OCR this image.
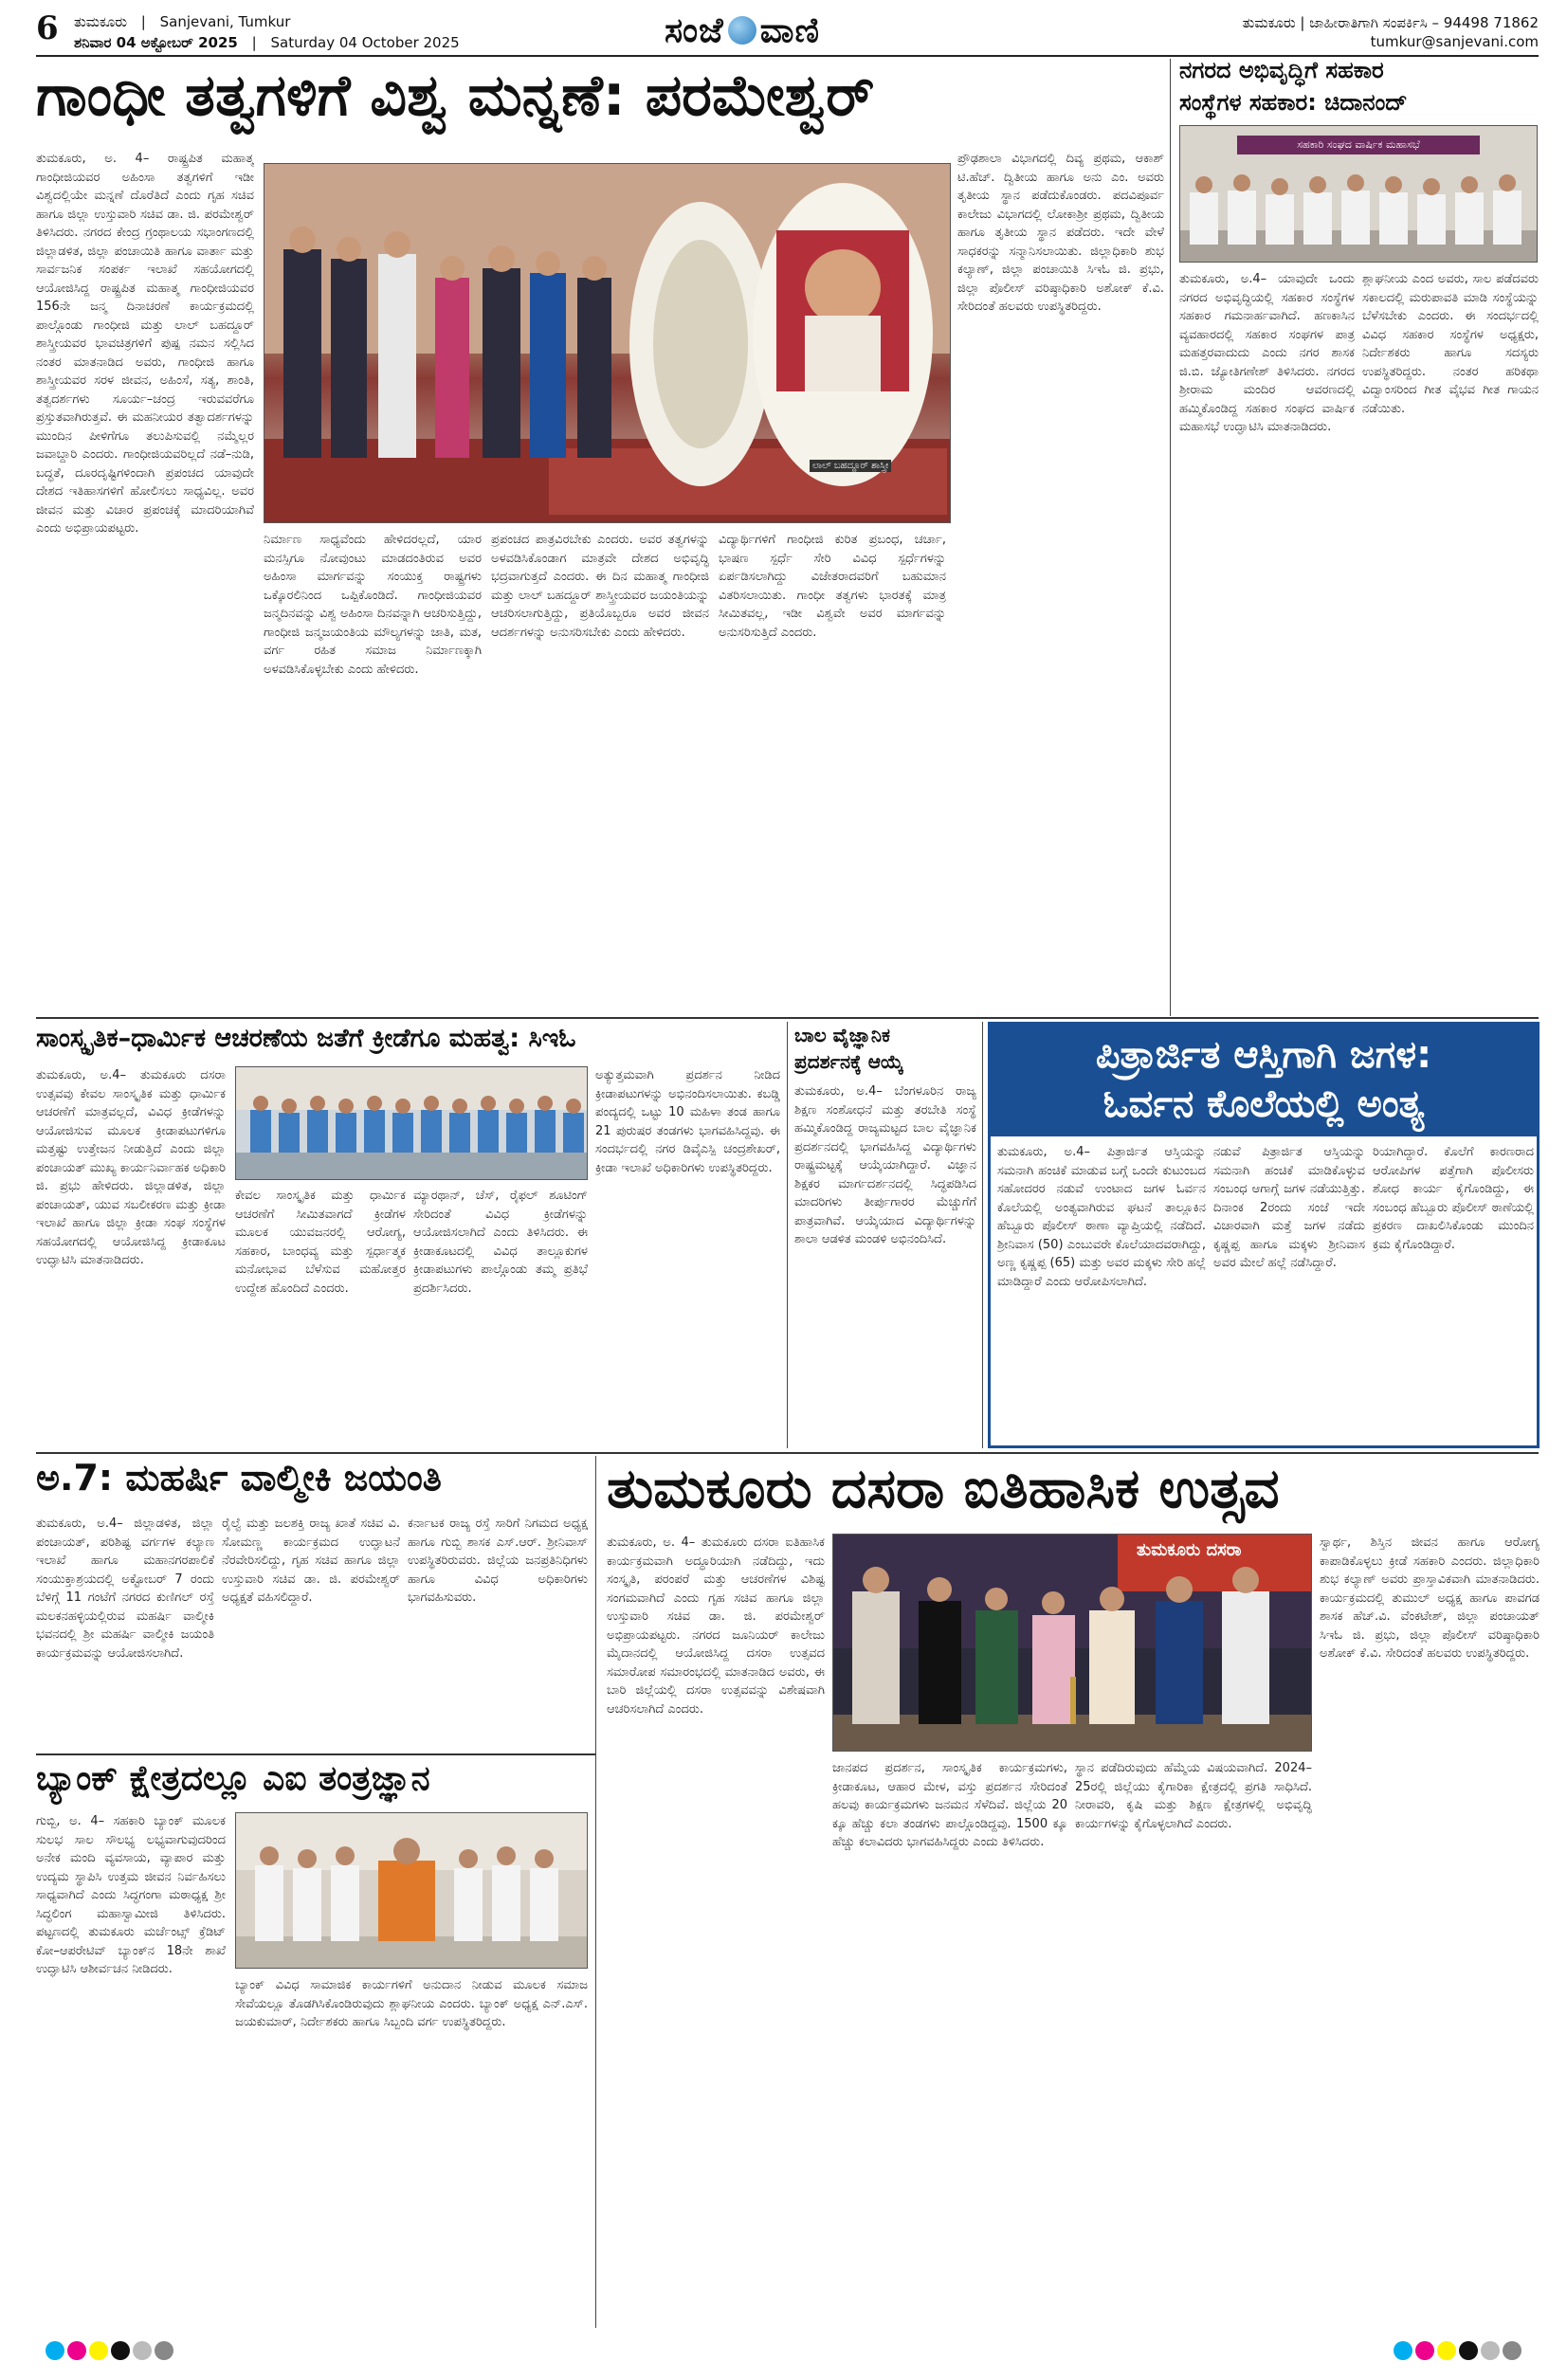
6 ತುಮಕೂರು | Sanjevani, Tumkur
ಶನಿವಾರ 04 ಅಕ್ಟೋಬರ್ 2025 | Saturday 04 October 2025	ಸಂಜೆ ವಾಣಿ	ತುಮಕೂರು | ಜಾಹೀರಾತಿಗಾಗಿ ಸಂಪರ್ಕಿಸಿ – 94498 71862
tumkur@sanjevani.com
ಗಾಂಧೀ ತತ್ವಗಳಿಗೆ ವಿಶ್ವ ಮನ್ನಣೆ: ಪರಮೇಶ್ವರ್
ತುಮಕೂರು, ಅ. 4– ರಾಷ್ಟ್ರಪಿತ ಮಹಾತ್ಮ ಗಾಂಧೀಜಿಯವರ ಅಹಿಂಸಾ ತತ್ವಗಳಿಗೆ ಇಡೀ ವಿಶ್ವದಲ್ಲಿಯೇ ಮನ್ನಣೆ ದೊರೆತಿದೆ ಎಂದು ಗೃಹ ಸಚಿವ ಹಾಗೂ ಜಿಲ್ಲಾ ಉಸ್ತುವಾರಿ ಸಚಿವ ಡಾ. ಜಿ. ಪರಮೇಶ್ವರ್ ತಿಳಿಸಿದರು. ನಗರದ ಕೇಂದ್ರ ಗ್ರಂಥಾಲಯ ಸಭಾಂಗಣದಲ್ಲಿ ಜಿಲ್ಲಾಡಳಿತ, ಜಿಲ್ಲಾ ಪಂಚಾಯಿತಿ ಹಾಗೂ ವಾರ್ತಾ ಮತ್ತು ಸಾರ್ವಜನಿಕ ಸಂಪರ್ಕ ಇಲಾಖೆ ಸಹಯೋಗದಲ್ಲಿ ಆಯೋಜಿಸಿದ್ದ ರಾಷ್ಟ್ರಪಿತ ಮಹಾತ್ಮ ಗಾಂಧೀಜಿಯವರ 156ನೇ ಜನ್ಮ ದಿನಾಚರಣೆ ಕಾರ್ಯಕ್ರಮದಲ್ಲಿ ಪಾಲ್ಗೊಂಡು ಗಾಂಧೀಜಿ ಮತ್ತು ಲಾಲ್ ಬಹದ್ದೂರ್ ಶಾಸ್ತ್ರೀಯವರ ಭಾವಚಿತ್ರಗಳಿಗೆ ಪುಷ್ಪ ನಮನ ಸಲ್ಲಿಸಿದ ನಂತರ ಮಾತನಾಡಿದ ಅವರು, ಗಾಂಧೀಜಿ ಹಾಗೂ ಶಾಸ್ತ್ರೀಯವರ ಸರಳ ಜೀವನ, ಅಹಿಂಸೆ, ಸತ್ಯ, ಶಾಂತಿ, ತತ್ವದರ್ಶಗಳು ಸೂರ್ಯ–ಚಂದ್ರ ಇರುವವರೆಗೂ ಪ್ರಸ್ತುತವಾಗಿರುತ್ತವೆ. ಈ ಮಹನೀಯರ ತತ್ವಾದರ್ಶಗಳನ್ನು ಮುಂದಿನ ಪೀಳಿಗೆಗೂ ತಲುಪಿಸುವಲ್ಲಿ ನಮ್ಮೆಲ್ಲರ ಜವಾಬ್ದಾರಿ ಎಂದರು. ಗಾಂಧೀಜಿಯವರಿಲ್ಲದೆ ನಡೆ–ನುಡಿ, ಬದ್ಧತೆ, ದೂರದೃಷ್ಟಿಗಳಿಂದಾಗಿ ಪ್ರಪಂಚದ ಯಾವುದೇ ದೇಶದ ಇತಿಹಾಸಗಳಿಗೆ ಹೋಲಿಸಲು ಸಾಧ್ಯವಿಲ್ಲ. ಅವರ ಜೀವನ ಮತ್ತು ವಿಚಾರ ಪ್ರಪಂಚಕ್ಕೆ ಮಾದರಿಯಾಗಿವೆ ಎಂದು ಅಭಿಪ್ರಾಯಪಟ್ಟರು.
ಲಾಲ್ ಬಹದ್ದೂರ್ ಶಾಸ್ತ್ರೀ
ನಿರ್ಮಾಣ ಸಾಧ್ಯವೆಂದು ಹೇಳಿದರಲ್ಲದೆ, ಯಾರ ಮನಸ್ಸಿಗೂ ನೋವುಂಟು ಮಾಡದಂತಿರುವ ಅವರ ಅಹಿಂಸಾ ಮಾರ್ಗವನ್ನು ಸಂಯುಕ್ತ ರಾಷ್ಟ್ರಗಳು ಒಕ್ಕೊರಲಿನಿಂದ ಒಪ್ಪಿಕೊಂಡಿದೆ. ಗಾಂಧೀಜಿಯವರ ಜನ್ಮದಿನವನ್ನು ವಿಶ್ವ ಅಹಿಂಸಾ ದಿನವನ್ನಾಗಿ ಆಚರಿಸುತ್ತಿದ್ದು, ಗಾಂಧೀಜಿ ಜನ್ಮಜಯಂತಿಯ ಮೌಲ್ಯಗಳನ್ನು ಜಾತಿ, ಮತ, ವರ್ಗ ರಹಿತ ಸಮಾಜ ನಿರ್ಮಾಣಕ್ಕಾಗಿ ಅಳವಡಿಸಿಕೊಳ್ಳಬೇಕು ಎಂದು ಹೇಳಿದರು.
ಪ್ರಪಂಚದ ಪಾತ್ರವಿರಬೇಕು ಎಂದರು. ಅವರ ತತ್ವಗಳನ್ನು ಅಳವಡಿಸಿಕೊಂಡಾಗ ಮಾತ್ರವೇ ದೇಶದ ಅಭಿವೃದ್ಧಿ ಭದ್ರವಾಗುತ್ತದೆ ಎಂದರು. ಈ ದಿನ ಮಹಾತ್ಮ ಗಾಂಧೀಜಿ ಮತ್ತು ಲಾಲ್ ಬಹದ್ದೂರ್ ಶಾಸ್ತ್ರೀಯವರ ಜಯಂತಿಯನ್ನು ಆಚರಿಸಲಾಗುತ್ತಿದ್ದು, ಪ್ರತಿಯೊಬ್ಬರೂ ಅವರ ಜೀವನ ಆದರ್ಶಗಳನ್ನು ಅನುಸರಿಸಬೇಕು ಎಂದು ಹೇಳಿದರು.
ವಿದ್ಯಾರ್ಥಿಗಳಿಗೆ ಗಾಂಧೀಜಿ ಕುರಿತ ಪ್ರಬಂಧ, ಚರ್ಚಾ, ಭಾಷಣ ಸ್ಪರ್ಧೆ ಸೇರಿ ವಿವಿಧ ಸ್ಪರ್ಧೆಗಳನ್ನು ಏರ್ಪಡಿಸಲಾಗಿದ್ದು ವಿಜೇತರಾದವರಿಗೆ ಬಹುಮಾನ ವಿತರಿಸಲಾಯಿತು. ಗಾಂಧೀ ತತ್ವಗಳು ಭಾರತಕ್ಕೆ ಮಾತ್ರ ಸೀಮಿತವಲ್ಲ, ಇಡೀ ವಿಶ್ವವೇ ಅವರ ಮಾರ್ಗವನ್ನು ಅನುಸರಿಸುತ್ತಿದೆ ಎಂದರು.
ಪ್ರೌಢಶಾಲಾ ವಿಭಾಗದಲ್ಲಿ ದಿವ್ಯ ಪ್ರಥಮ, ಆಕಾಶ್ ಟಿ.ಹೆಚ್. ದ್ವಿತೀಯ ಹಾಗೂ ಅನು ಎಂ. ಅವರು ತೃತೀಯ ಸ್ಥಾನ ಪಡೆದುಕೊಂಡರು. ಪದವಿಪೂರ್ವ ಕಾಲೇಜು ವಿಭಾಗದಲ್ಲಿ ಲೋಕಾಶ್ರೀ ಪ್ರಥಮ, ದ್ವಿತೀಯ ಹಾಗೂ ತೃತೀಯ ಸ್ಥಾನ ಪಡೆದರು. ಇದೇ ವೇಳೆ ಸಾಧಕರನ್ನು ಸನ್ಮಾನಿಸಲಾಯಿತು. ಜಿಲ್ಲಾಧಿಕಾರಿ ಶುಭ ಕಲ್ಯಾಣ್, ಜಿಲ್ಲಾ ಪಂಚಾಯಿತಿ ಸಿಇಓ ಜಿ. ಪ್ರಭು, ಜಿಲ್ಲಾ ಪೊಲೀಸ್ ವರಿಷ್ಠಾಧಿಕಾರಿ ಅಶೋಕ್ ಕೆ.ವಿ. ಸೇರಿದಂತೆ ಹಲವರು ಉಪಸ್ಥಿತರಿದ್ದರು.
ನಗರದ ಅಭಿವೃದ್ಧಿಗೆ ಸಹಕಾರ
ಸಂಸ್ಥೆಗಳ ಸಹಕಾರ: ಚಿದಾನಂದ್
ಸಹಕಾರಿ ಸಂಘದ ವಾರ್ಷಿಕ ಮಹಾಸಭೆ
ತುಮಕೂರು, ಅ.4– ಯಾವುದೇ ಒಂದು ನಗರದ ಅಭಿವೃದ್ಧಿಯಲ್ಲಿ ಸಹಕಾರ ಸಂಸ್ಥೆಗಳ ಸಹಕಾರ ಗಮನಾರ್ಹವಾಗಿದೆ. ಹಣಕಾಸಿನ ವ್ಯವಹಾರದಲ್ಲಿ ಸಹಕಾರ ಸಂಘಗಳ ಪಾತ್ರ ಮಹತ್ತರವಾದುದು ಎಂದು ನಗರ ಶಾಸಕ ಜಿ.ಬಿ. ಜ್ಯೋತಿಗಣೇಶ್ ತಿಳಿಸಿದರು. ನಗರದ ಶ್ರೀರಾಮ ಮಂದಿರ ಆವರಣದಲ್ಲಿ ಹಮ್ಮಿಕೊಂಡಿದ್ದ ಸಹಕಾರ ಸಂಘದ ವಾರ್ಷಿಕ ಮಹಾಸಭೆ ಉದ್ಘಾಟಿಸಿ ಮಾತನಾಡಿದರು.
ಶ್ಲಾಘನೀಯ ಎಂದ ಅವರು, ಸಾಲ ಪಡೆದವರು ಸಕಾಲದಲ್ಲಿ ಮರುಪಾವತಿ ಮಾಡಿ ಸಂಸ್ಥೆಯನ್ನು ಬೆಳೆಸಬೇಕು ಎಂದರು. ಈ ಸಂದರ್ಭದಲ್ಲಿ ವಿವಿಧ ಸಹಕಾರ ಸಂಸ್ಥೆಗಳ ಅಧ್ಯಕ್ಷರು, ನಿರ್ದೇಶಕರು ಹಾಗೂ ಸದಸ್ಯರು ಉಪಸ್ಥಿತರಿದ್ದರು. ನಂತರ ಹರಿಕಥಾ ವಿದ್ವಾಂಸರಿಂದ ಗೀತ ವೈಭವ ಗೀತ ಗಾಯನ ನಡೆಯಿತು.
ಸಾಂಸ್ಕೃತಿಕ–ಧಾರ್ಮಿಕ ಆಚರಣೆಯ ಜತೆಗೆ ಕ್ರೀಡೆಗೂ ಮಹತ್ವ: ಸಿಇಓ
ತುಮಕೂರು, ಅ.4– ತುಮಕೂರು ದಸರಾ ಉತ್ಸವವು ಕೇವಲ ಸಾಂಸ್ಕೃತಿಕ ಮತ್ತು ಧಾರ್ಮಿಕ ಆಚರಣೆಗೆ ಮಾತ್ರವಲ್ಲದೆ, ವಿವಿಧ ಕ್ರೀಡೆಗಳನ್ನು ಆಯೋಜಿಸುವ ಮೂಲಕ ಕ್ರೀಡಾಪಟುಗಳಿಗೂ ಮತ್ತಷ್ಟು ಉತ್ತೇಜನ ನೀಡುತ್ತಿದೆ ಎಂದು ಜಿಲ್ಲಾ ಪಂಚಾಯತ್ ಮುಖ್ಯ ಕಾರ್ಯನಿರ್ವಾಹಕ ಅಧಿಕಾರಿ ಜಿ. ಪ್ರಭು ಹೇಳಿದರು. ಜಿಲ್ಲಾಡಳಿತ, ಜಿಲ್ಲಾ ಪಂಚಾಯತ್, ಯುವ ಸಬಲೀಕರಣ ಮತ್ತು ಕ್ರೀಡಾ ಇಲಾಖೆ ಹಾಗೂ ಜಿಲ್ಲಾ ಕ್ರೀಡಾ ಸಂಘ ಸಂಸ್ಥೆಗಳ ಸಹಯೋಗದಲ್ಲಿ ಆಯೋಜಿಸಿದ್ದ ಕ್ರೀಡಾಕೂಟ ಉದ್ಘಾಟಿಸಿ ಮಾತನಾಡಿದರು.
ಕೇವಲ ಸಾಂಸ್ಕೃತಿಕ ಮತ್ತು ಧಾರ್ಮಿಕ ಆಚರಣೆಗೆ ಸೀಮಿತವಾಗದೆ ಕ್ರೀಡೆಗಳ ಮೂಲಕ ಯುವಜನರಲ್ಲಿ ಆರೋಗ್ಯ, ಸಹಕಾರ, ಬಾಂಧವ್ಯ ಮತ್ತು ಸ್ಪರ್ಧಾತ್ಮಕ ಮನೋಭಾವ ಬೆಳೆಸುವ ಮಹೋತ್ತರ ಉದ್ದೇಶ ಹೊಂದಿದೆ ಎಂದರು.
ಮ್ಯಾರಥಾನ್, ಚೆಸ್, ರೈಫಲ್ ಶೂಟಿಂಗ್ ಸೇರಿದಂತೆ ವಿವಿಧ ಕ್ರೀಡೆಗಳನ್ನು ಆಯೋಜಿಸಲಾಗಿದೆ ಎಂದು ತಿಳಿಸಿದರು. ಈ ಕ್ರೀಡಾಕೂಟದಲ್ಲಿ ವಿವಿಧ ತಾಲ್ಲೂಕುಗಳ ಕ್ರೀಡಾಪಟುಗಳು ಪಾಲ್ಗೊಂಡು ತಮ್ಮ ಪ್ರತಿಭೆ ಪ್ರದರ್ಶಿಸಿದರು.
ಅತ್ಯುತ್ತಮವಾಗಿ ಪ್ರದರ್ಶನ ನೀಡಿದ ಕ್ರೀಡಾಪಟುಗಳನ್ನು ಅಭಿನಂದಿಸಲಾಯಿತು. ಕಬಡ್ಡಿ ಪಂದ್ಯದಲ್ಲಿ ಒಟ್ಟು 10 ಮಹಿಳಾ ತಂಡ ಹಾಗೂ 21 ಪುರುಷರ ತಂಡಗಳು ಭಾಗವಹಿಸಿದ್ದವು. ಈ ಸಂದರ್ಭದಲ್ಲಿ ನಗರ ಡಿವೈಎಸ್ಪಿ ಚಂದ್ರಶೇಖರ್, ಕ್ರೀಡಾ ಇಲಾಖೆ ಅಧಿಕಾರಿಗಳು ಉಪಸ್ಥಿತರಿದ್ದರು.
ಬಾಲ ವೈಜ್ಞಾನಿಕ
ಪ್ರದರ್ಶನಕ್ಕೆ ಆಯ್ಕೆ
ತುಮಕೂರು, ಅ.4– ಬೆಂಗಳೂರಿನ ರಾಜ್ಯ ಶಿಕ್ಷಣ ಸಂಶೋಧನೆ ಮತ್ತು ತರಬೇತಿ ಸಂಸ್ಥೆ ಹಮ್ಮಿಕೊಂಡಿದ್ದ ರಾಜ್ಯಮಟ್ಟದ ಬಾಲ ವೈಜ್ಞಾನಿಕ ಪ್ರದರ್ಶನದಲ್ಲಿ ಭಾಗವಹಿಸಿದ್ದ ವಿದ್ಯಾರ್ಥಿಗಳು ರಾಷ್ಟ್ರಮಟ್ಟಕ್ಕೆ ಆಯ್ಕೆಯಾಗಿದ್ದಾರೆ. ವಿಜ್ಞಾನ ಶಿಕ್ಷಕರ ಮಾರ್ಗದರ್ಶನದಲ್ಲಿ ಸಿದ್ಧಪಡಿಸಿದ ಮಾದರಿಗಳು ತೀರ್ಪುಗಾರರ ಮೆಚ್ಚುಗೆಗೆ ಪಾತ್ರವಾಗಿವೆ. ಆಯ್ಕೆಯಾದ ವಿದ್ಯಾರ್ಥಿಗಳನ್ನು ಶಾಲಾ ಆಡಳಿತ ಮಂಡಳಿ ಅಭಿನಂದಿಸಿದೆ.
ಪಿತ್ರಾರ್ಜಿತ ಆಸ್ತಿಗಾಗಿ ಜಗಳ:
ಓರ್ವನ ಕೊಲೆಯಲ್ಲಿ ಅಂತ್ಯ
ತುಮಕೂರು, ಅ.4– ಪಿತ್ರಾರ್ಜಿತ ಆಸ್ತಿಯನ್ನು ಸಮನಾಗಿ ಹಂಚಿಕೆ ಮಾಡುವ ಬಗ್ಗೆ ಒಂದೇ ಕುಟುಂಬದ ಸಹೋದರರ ನಡುವೆ ಉಂಟಾದ ಜಗಳ ಓರ್ವನ ಕೊಲೆಯಲ್ಲಿ ಅಂತ್ಯವಾಗಿರುವ ಘಟನೆ ತಾಲ್ಲೂಕಿನ ಹೆಬ್ಬೂರು ಪೊಲೀಸ್ ಠಾಣಾ ವ್ಯಾಪ್ತಿಯಲ್ಲಿ ನಡೆದಿದೆ. ಶ್ರೀನಿವಾಸ (50) ಎಂಬುವರೇ ಕೊಲೆಯಾದವರಾಗಿದ್ದು, ಅಣ್ಣ ಕೃಷ್ಣಪ್ಪ (65) ಮತ್ತು ಅವರ ಮಕ್ಕಳು ಸೇರಿ ಹಲ್ಲೆ ಮಾಡಿದ್ದಾರೆ ಎಂದು ಆರೋಪಿಸಲಾಗಿದೆ.
ನಡುವೆ ಪಿತ್ರಾರ್ಜಿತ ಆಸ್ತಿಯನ್ನು ಸಮನಾಗಿ ಹಂಚಿಕೆ ಮಾಡಿಕೊಳ್ಳುವ ಸಂಬಂಧ ಆಗಾಗ್ಗೆ ಜಗಳ ನಡೆಯುತ್ತಿತ್ತು. ದಿನಾಂಕ 2ರಂದು ಸಂಜೆ ಇದೇ ವಿಚಾರವಾಗಿ ಮತ್ತೆ ಜಗಳ ನಡೆದು ಕೃಷ್ಣಪ್ಪ ಹಾಗೂ ಮಕ್ಕಳು ಶ್ರೀನಿವಾಸ ಅವರ ಮೇಲೆ ಹಲ್ಲೆ ನಡೆಸಿದ್ದಾರೆ.
ರಿಯಾಗಿದ್ದಾರೆ. ಕೊಲೆಗೆ ಕಾರಣರಾದ ಆರೋಪಿಗಳ ಪತ್ತೆಗಾಗಿ ಪೊಲೀಸರು ಶೋಧ ಕಾರ್ಯ ಕೈಗೊಂಡಿದ್ದು, ಈ ಸಂಬಂಧ ಹೆಬ್ಬೂರು ಪೊಲೀಸ್ ಠಾಣೆಯಲ್ಲಿ ಪ್ರಕರಣ ದಾಖಲಿಸಿಕೊಂಡು ಮುಂದಿನ ಕ್ರಮ ಕೈಗೊಂಡಿದ್ದಾರೆ.
ಅ.7: ಮಹರ್ಷಿ ವಾಲ್ಮೀಕಿ ಜಯಂತಿ
ತುಮಕೂರು, ಅ.4– ಜಿಲ್ಲಾಡಳಿತ, ಜಿಲ್ಲಾ ಪಂಚಾಯತ್, ಪರಿಶಿಷ್ಟ ವರ್ಗಗಳ ಕಲ್ಯಾಣ ಇಲಾಖೆ ಹಾಗೂ ಮಹಾನಗರಪಾಲಿಕೆ ಸಂಯುಕ್ತಾಶ್ರಯದಲ್ಲಿ ಅಕ್ಟೋಬರ್ 7 ರಂದು ಬೆಳಿಗ್ಗೆ 11 ಗಂಟೆಗೆ ನಗರದ ಕುಣಿಗಲ್ ರಸ್ತೆ ಮಲಕನಹಳ್ಳಿಯಲ್ಲಿರುವ ಮಹರ್ಷಿ ವಾಲ್ಮೀಕಿ ಭವನದಲ್ಲಿ ಶ್ರೀ ಮಹರ್ಷಿ ವಾಲ್ಮೀಕಿ ಜಯಂತಿ ಕಾರ್ಯಕ್ರಮವನ್ನು ಆಯೋಜಿಸಲಾಗಿದೆ.
ರೈಲ್ವೆ ಮತ್ತು ಜಲಶಕ್ತಿ ರಾಜ್ಯ ಖಾತೆ ಸಚಿವ ವಿ. ಸೋಮಣ್ಣ ಕಾರ್ಯಕ್ರಮದ ಉದ್ಘಾಟನೆ ನೆರವೇರಿಸಲಿದ್ದು, ಗೃಹ ಸಚಿವ ಹಾಗೂ ಜಿಲ್ಲಾ ಉಸ್ತುವಾರಿ ಸಚಿವ ಡಾ. ಜಿ. ಪರಮೇಶ್ವರ್ ಅಧ್ಯಕ್ಷತೆ ವಹಿಸಲಿದ್ದಾರೆ.
ಕರ್ನಾಟಕ ರಾಜ್ಯ ರಸ್ತೆ ಸಾರಿಗೆ ನಿಗಮದ ಅಧ್ಯಕ್ಷ ಹಾಗೂ ಗುಬ್ಬಿ ಶಾಸಕ ಎಸ್.ಆರ್. ಶ್ರೀನಿವಾಸ್ ಉಪಸ್ಥಿತರಿರುವರು. ಜಿಲ್ಲೆಯ ಜನಪ್ರತಿನಿಧಿಗಳು ಹಾಗೂ ವಿವಿಧ ಅಧಿಕಾರಿಗಳು ಭಾಗವಹಿಸುವರು.
ಬ್ಯಾಂಕ್ ಕ್ಷೇತ್ರದಲ್ಲೂ ಎಐ ತಂತ್ರಜ್ಞಾನ
ಗುಬ್ಬಿ, ಅ. 4– ಸಹಕಾರಿ ಬ್ಯಾಂಕ್ ಮೂಲಕ ಸುಲಭ ಸಾಲ ಸೌಲಭ್ಯ ಲಭ್ಯವಾಗುವುದರಿಂದ ಅನೇಕ ಮಂದಿ ವ್ಯವಸಾಯ, ವ್ಯಾಪಾರ ಮತ್ತು ಉದ್ಯಮ ಸ್ಥಾಪಿಸಿ ಉತ್ತಮ ಜೀವನ ನಿರ್ವಹಿಸಲು ಸಾಧ್ಯವಾಗಿದೆ ಎಂದು ಸಿದ್ಧಗಂಗಾ ಮಠಾಧ್ಯಕ್ಷ ಶ್ರೀ ಸಿದ್ಧಲಿಂಗ ಮಹಾಸ್ವಾಮೀಜಿ ತಿಳಿಸಿದರು. ಪಟ್ಟಣದಲ್ಲಿ ತುಮಕೂರು ಮರ್ಚೆಂಟ್ಸ್ ಕ್ರೆಡಿಟ್ ಕೋ–ಆಪರೇಟಿವ್ ಬ್ಯಾಂಕ್‌ನ 18ನೇ ಶಾಖೆ ಉದ್ಘಾಟಿಸಿ ಆಶೀರ್ವಚನ ನೀಡಿದರು.
ಬ್ಯಾಂಕ್ ವಿವಿಧ ಸಾಮಾಜಿಕ ಕಾರ್ಯಗಳಿಗೆ ಅನುದಾನ ನೀಡುವ ಮೂಲಕ ಸಮಾಜ ಸೇವೆಯಲ್ಲೂ ತೊಡಗಿಸಿಕೊಂಡಿರುವುದು ಶ್ಲಾಘನೀಯ ಎಂದರು. ಬ್ಯಾಂಕ್ ಅಧ್ಯಕ್ಷ ಎನ್.ಎಸ್. ಜಯಕುಮಾರ್, ನಿರ್ದೇಶಕರು ಹಾಗೂ ಸಿಬ್ಬಂದಿ ವರ್ಗ ಉಪಸ್ಥಿತರಿದ್ದರು.
ತುಮಕೂರು ದಸರಾ ಐತಿಹಾಸಿಕ ಉತ್ಸವ
ತುಮಕೂರು, ಅ. 4– ತುಮಕೂರು ದಸರಾ ಐತಿಹಾಸಿಕ ಕಾರ್ಯಕ್ರಮವಾಗಿ ಅದ್ಧೂರಿಯಾಗಿ ನಡೆದಿದ್ದು, ಇದು ಸಂಸ್ಕೃತಿ, ಪರಂಪರೆ ಮತ್ತು ಆಚರಣೆಗಳ ವಿಶಿಷ್ಟ ಸಂಗಮವಾಗಿದೆ ಎಂದು ಗೃಹ ಸಚಿವ ಹಾಗೂ ಜಿಲ್ಲಾ ಉಸ್ತುವಾರಿ ಸಚಿವ ಡಾ. ಜಿ. ಪರಮೇಶ್ವರ್ ಅಭಿಪ್ರಾಯಪಟ್ಟರು. ನಗರದ ಜೂನಿಯರ್ ಕಾಲೇಜು ಮೈದಾನದಲ್ಲಿ ಆಯೋಜಿಸಿದ್ದ ದಸರಾ ಉತ್ಸವದ ಸಮಾರೋಪ ಸಮಾರಂಭದಲ್ಲಿ ಮಾತನಾಡಿದ ಅವರು, ಈ ಬಾರಿ ಜಿಲ್ಲೆಯಲ್ಲಿ ದಸರಾ ಉತ್ಸವವನ್ನು ವಿಶೇಷವಾಗಿ ಆಚರಿಸಲಾಗಿದೆ ಎಂದರು.
ತುಮಕೂರು ದಸರಾ
ಜಾನಪದ ಪ್ರದರ್ಶನ, ಸಾಂಸ್ಕೃತಿಕ ಕಾರ್ಯಕ್ರಮಗಳು, ಕ್ರೀಡಾಕೂಟ, ಆಹಾರ ಮೇಳ, ವಸ್ತು ಪ್ರದರ್ಶನ ಸೇರಿದಂತೆ ಹಲವು ಕಾರ್ಯಕ್ರಮಗಳು ಜನಮನ ಸೆಳೆದಿವೆ. ಜಿಲ್ಲೆಯ 20 ಕ್ಕೂ ಹೆಚ್ಚು ಕಲಾ ತಂಡಗಳು ಪಾಲ್ಗೊಂಡಿದ್ದವು. 1500 ಕ್ಕೂ ಹೆಚ್ಚು ಕಲಾವಿದರು ಭಾಗವಹಿಸಿದ್ದರು ಎಂದು ತಿಳಿಸಿದರು.
ಸ್ಥಾನ ಪಡೆದಿರುವುದು ಹೆಮ್ಮೆಯ ವಿಷಯವಾಗಿದೆ. 2024–25ರಲ್ಲಿ ಜಿಲ್ಲೆಯು ಕೈಗಾರಿಕಾ ಕ್ಷೇತ್ರದಲ್ಲಿ ಪ್ರಗತಿ ಸಾಧಿಸಿದೆ. ನೀರಾವರಿ, ಕೃಷಿ ಮತ್ತು ಶಿಕ್ಷಣ ಕ್ಷೇತ್ರಗಳಲ್ಲಿ ಅಭಿವೃದ್ಧಿ ಕಾರ್ಯಗಳನ್ನು ಕೈಗೊಳ್ಳಲಾಗಿದೆ ಎಂದರು.
ಸ್ವಾರ್ಥ, ಶಿಸ್ತಿನ ಜೀವನ ಹಾಗೂ ಆರೋಗ್ಯ ಕಾಪಾಡಿಕೊಳ್ಳಲು ಕ್ರೀಡೆ ಸಹಕಾರಿ ಎಂದರು. ಜಿಲ್ಲಾಧಿಕಾರಿ ಶುಭ ಕಲ್ಯಾಣ್ ಅವರು ಪ್ರಾಸ್ತಾವಿಕವಾಗಿ ಮಾತನಾಡಿದರು. ಕಾರ್ಯಕ್ರಮದಲ್ಲಿ ತುಮುಲ್ ಅಧ್ಯಕ್ಷ ಹಾಗೂ ಪಾವಗಡ ಶಾಸಕ ಹೆಚ್.ವಿ. ವೆಂಕಟೇಶ್, ಜಿಲ್ಲಾ ಪಂಚಾಯತ್ ಸಿಇಓ ಜಿ. ಪ್ರಭು, ಜಿಲ್ಲಾ ಪೊಲೀಸ್ ವರಿಷ್ಠಾಧಿಕಾರಿ ಅಶೋಕ್ ಕೆ.ವಿ. ಸೇರಿದಂತೆ ಹಲವರು ಉಪಸ್ಥಿತರಿದ್ದರು.
